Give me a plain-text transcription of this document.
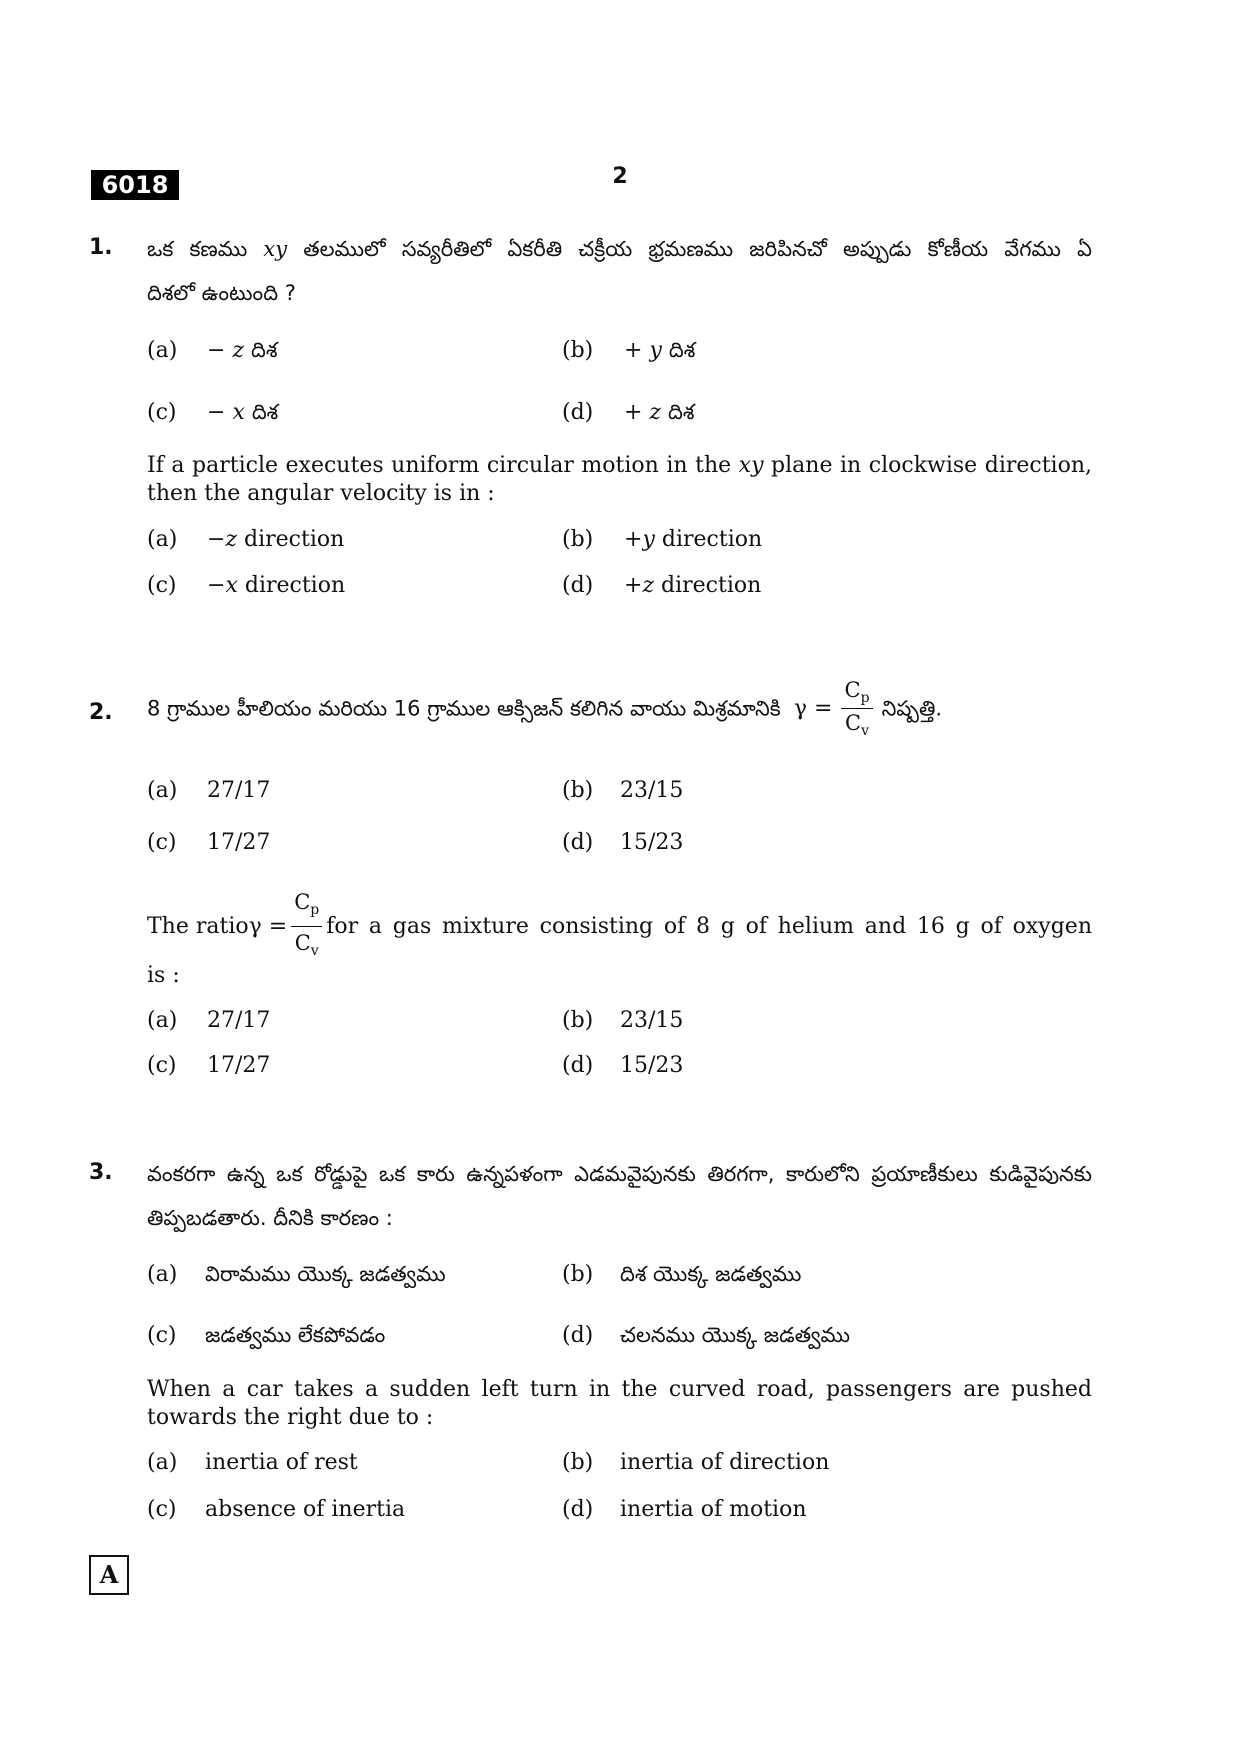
6018	2
1. ఒక కణము xy తలములో సవ్యరీతిలో ఏకరీతి చక్రీయ భ్రమణము జరిపినచో అప్పుడు కోణీయ వేగము ఏ
దిశలో ఉంటుంది ?
(a) − z దిశ	(b) + y దిశ
(c) − x దిశ	(d) + z దిశ
If a particle executes uniform circular motion in the xy plane in clockwise direction,
then the angular velocity is in :
(a) −z direction	(b) +y direction
(c) −x direction	(d) +z direction
2. 8 గ్రాముల హీలియం మరియు 16 గ్రాముల ఆక్సిజన్ కలిగిన వాయు మిశ్రమానికి $\gamma = \frac{C_p}{C_v}$ నిష్పత్తి.
(a) 27/17	(b) 23/15
(c) 17/27	(d) 15/23
The ratio $\gamma = \frac{C_p}{C_v}$ for a gas mixture consisting of 8 g of helium and 16 g of oxygen
is :
(a) 27/17	(b) 23/15
(c) 17/27	(d) 15/23
3. వంకరగా ఉన్న ఒక రోడ్డుపై ఒక కారు ఉన్నపళంగా ఎడమవైపునకు తిరగగా, కారులోని ప్రయాణీకులు కుడివైపునకు
తిప్పబడతారు. దీనికి కారణం :
(a) విరామము యొక్క జడత్వము	(b) దిశ యొక్క జడత్వము
(c) జడత్వము లేకపోవడం	(d) చలనము యొక్క జడత్వము
When a car takes a sudden left turn in the curved road, passengers are pushed
towards the right due to :
(a) inertia of rest	(b) inertia of direction
(c) absence of inertia	(d) inertia of motion
A
